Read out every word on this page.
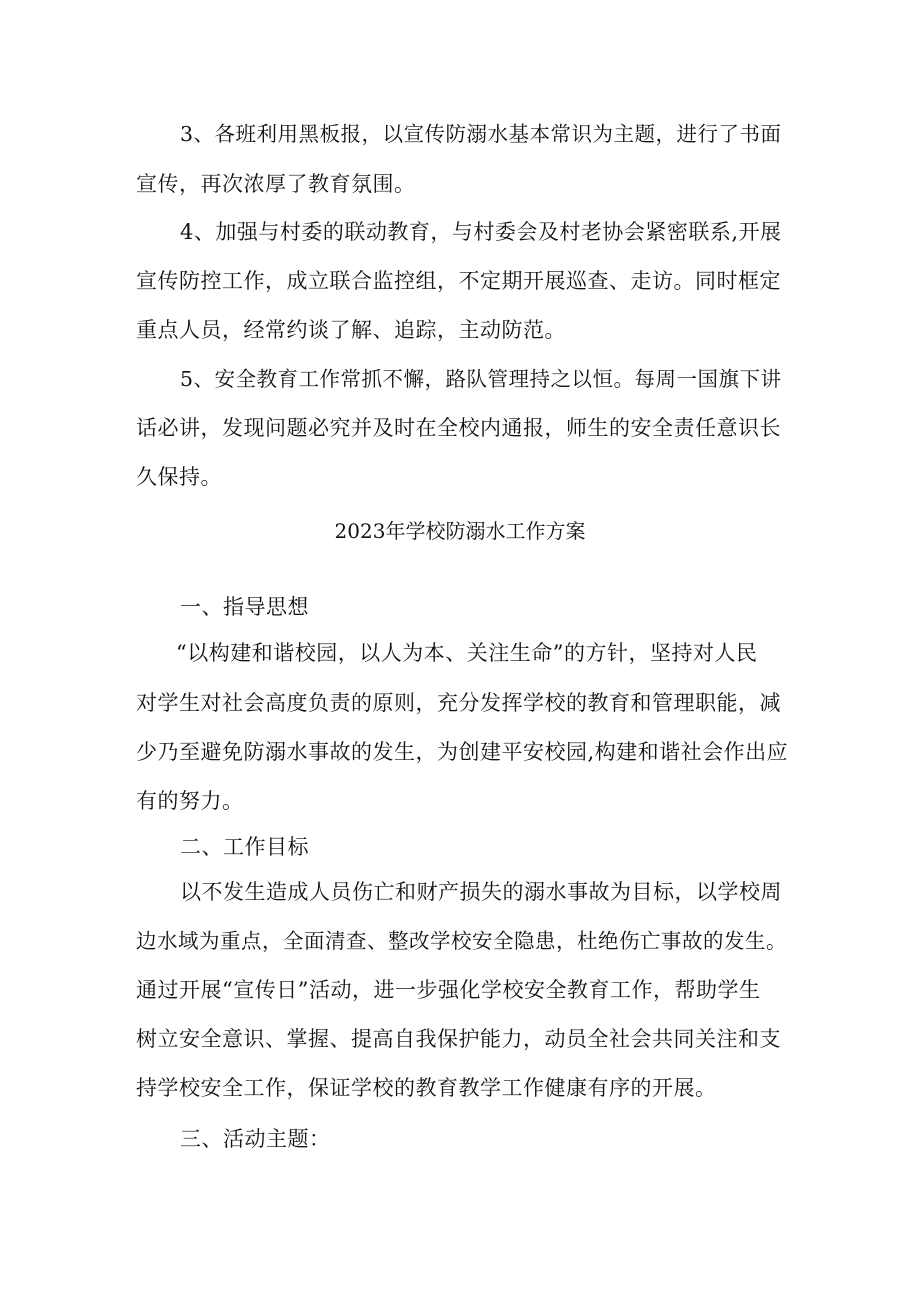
3、各班利用黑板报，以宣传防溺水基本常识为主题，进行了书面
宣传，再次浓厚了教育氛围。
4、加强与村委的联动教育，与村委会及村老协会紧密联系,开展
宣传防控工作，成立联合监控组，不定期开展巡查、走访。同时框定
重点人员，经常约谈了解、追踪，主动防范。
5、安全教育工作常抓不懈，路队管理持之以恒。每周一国旗下讲
话必讲，发现问题必究并及时在全校内通报，师生的安全责任意识长
久保持。
2023年学校防溺水工作方案
一、指导思想
“以构建和谐校园，以人为本、关注生命”的方针，坚持对人民
对学生对社会高度负责的原则，充分发挥学校的教育和管理职能，减
少乃至避免防溺水事故的发生，为创建平安校园,构建和谐社会作出应
有的努力。
二、工作目标
以不发生造成人员伤亡和财产损失的溺水事故为目标，以学校周
边水域为重点，全面清查、整改学校安全隐患，杜绝伤亡事故的发生。
通过开展“宣传日”活动，进一步强化学校安全教育工作，帮助学生
树立安全意识、掌握、提高自我保护能力，动员全社会共同关注和支
持学校安全工作，保证学校的教育教学工作健康有序的开展。
三、活动主题：
